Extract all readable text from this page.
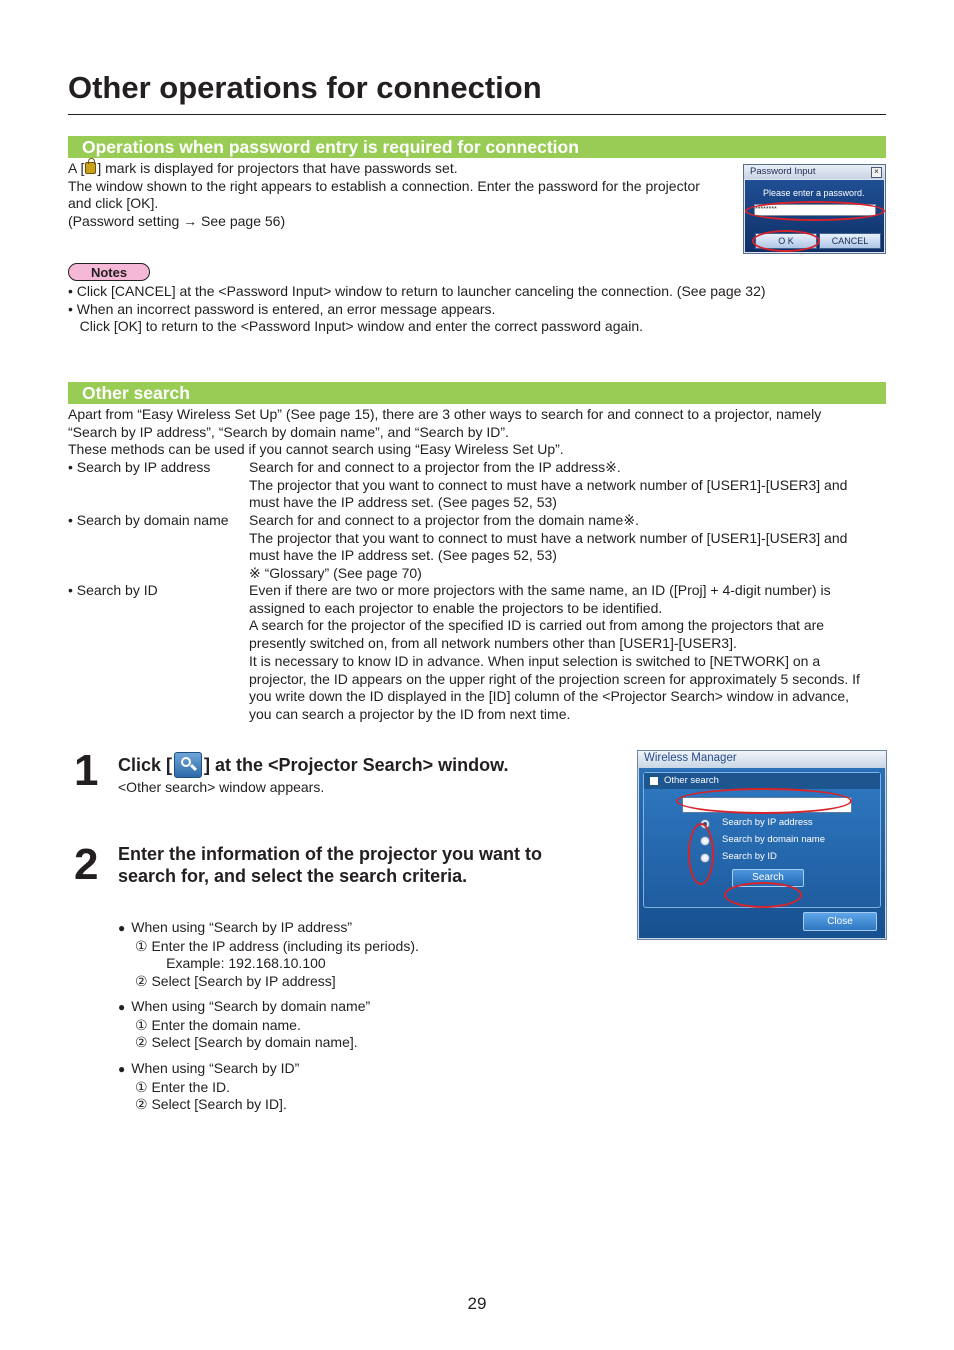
Other operations for connection
Operations when password entry is required for connection
A [ ] mark is displayed for projectors that have passwords set.
The window shown to the right appears to establish a connection. Enter the password for the projector
and click [OK].
(Password setting → See page 56)
Password Input	×
Please enter a password.
********
O K	CANCEL
Notes
• Click [CANCEL] at the <Password Input> window to return to launcher canceling the connection. (See page 32)
• When an incorrect password is entered, an error message appears.
Click [OK] to return to the <Password Input> window and enter the correct password again.
Other search
Apart from “Easy Wireless Set Up” (See page 15), there are 3 other ways to search for and connect to a projector, namely
“Search by IP address”, “Search by domain name”, and “Search by ID”.
These methods can be used if you cannot search using “Easy Wireless Set Up”.
• Search by IP address	Search for and connect to a projector from the IP address※.
The projector that you want to connect to must have a network number of [USER1]-[USER3] and
must have the IP address set. (See pages 52, 53)
• Search by domain name	Search for and connect to a projector from the domain name※.
The projector that you want to connect to must have a network number of [USER1]-[USER3] and
must have the IP address set. (See pages 52, 53)
※ “Glossary” (See page 70)
• Search by ID	Even if there are two or more projectors with the same name, an ID ([Proj] + 4-digit number) is
assigned to each projector to enable the projectors to be identified.
A search for the projector of the specified ID is carried out from among the projectors that are
presently switched on, from all network numbers other than [USER1]-[USER3].
It is necessary to know ID in advance. When input selection is switched to [NETWORK] on a
projector, the ID appears on the upper right of the projection screen for approximately 5 seconds. If
you write down the ID displayed in the [ID] column of the <Projector Search> window in advance,
you can search a projector by the ID from next time.
1 Click [ ] at the <Projector Search> window.
<Other search> window appears.
2 Enter the information of the projector you want to
search for, and select the search criteria.
● When using “Search by IP address”
① Enter the IP address (including its periods).
Example: 192.168.10.100
② Select [Search by IP address]
● When using “Search by domain name”
① Enter the domain name.
② Select [Search by domain name].
● When using “Search by ID”
① Enter the ID.
② Select [Search by ID].
Wireless Manager
Other search
Search by IP address
Search by domain name
Search by ID
Search
Close
29
